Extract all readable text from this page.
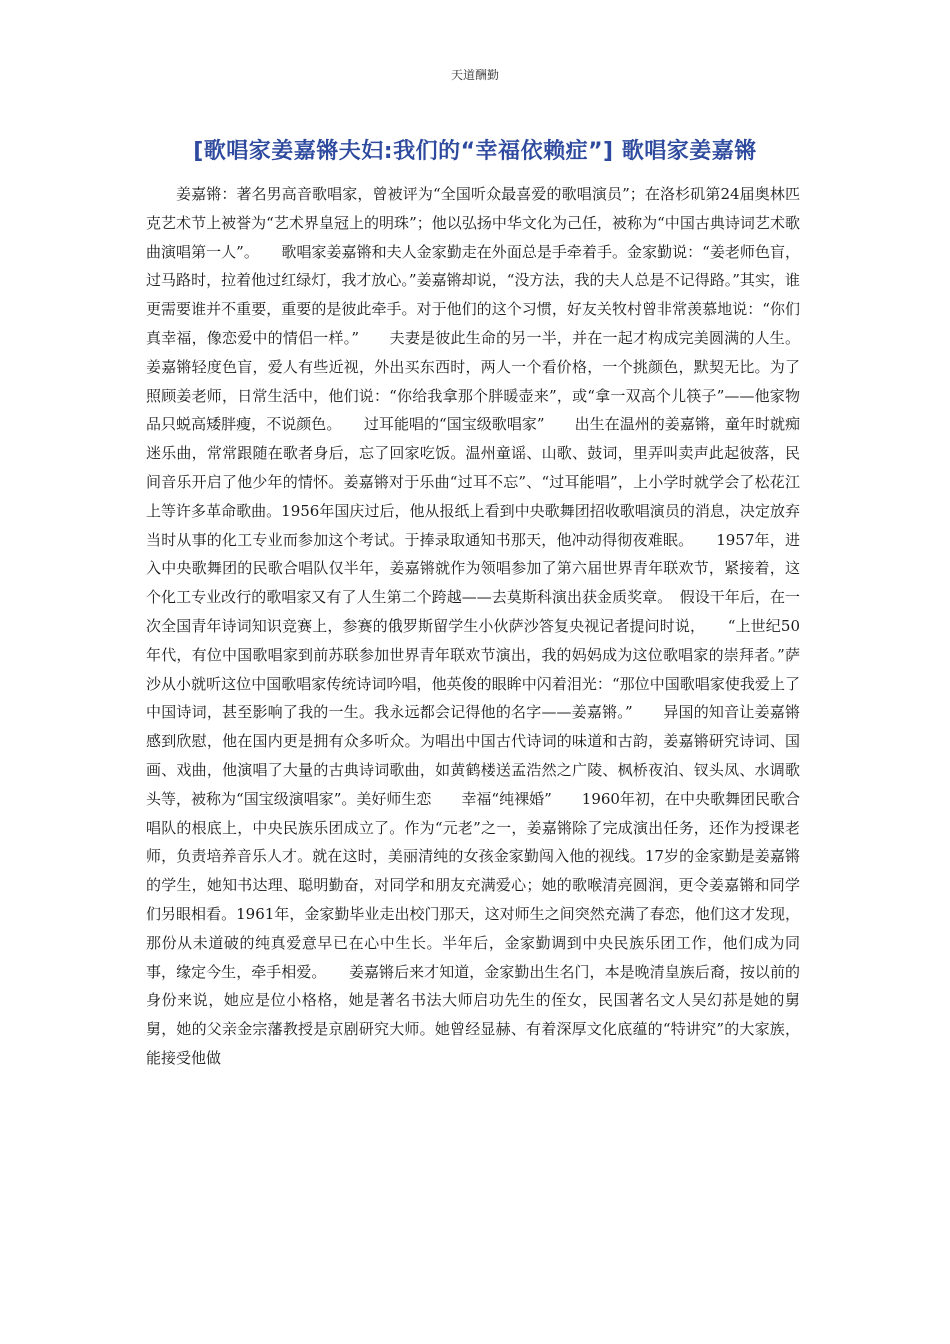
天道酬勤
[歌唱家姜嘉锵夫妇:我们的“幸福依赖症”] 歌唱家姜嘉锵

姜嘉锵：著名男高音歌唱家，曾被评为“全国听众最喜爱的歌唱演员”；在洛杉矶第24届奥林匹克艺术节上被誉为“艺术界皇冠上的明珠”；他以弘扬中华文化为己任，被称为“中国古典诗词艺术歌曲演唱第一人”。　　歌唱家姜嘉锵和夫人金家勤走在外面总是手牵着手。金家勤说：“姜老师色盲，过马路时，拉着他过红绿灯，我才放心。”姜嘉锵却说，“没方法，我的夫人总是不记得路。”其实，谁更需要谁并不重要，重要的是彼此牵手。对于他们的这个习惯，好友关牧村曾非常羡慕地说：“你们真幸福，像恋爱中的情侣一样。”　　夫妻是彼此生命的另一半，并在一起才构成完美圆满的人生。姜嘉锵轻度色盲，爱人有些近视，外出买东西时，两人一个看价格，一个挑颜色，默契无比。为了照顾姜老师，日常生活中，他们说：“你给我拿那个胖暖壶来”，或“拿一双高个儿筷子”——他家物品只蜕高矮胖瘦，不说颜色。　　过耳能唱的“国宝级歌唱家”　　出生在温州的姜嘉锵，童年时就痴迷乐曲，常常跟随在歌者身后，忘了回家吃饭。温州童谣、山歌、鼓词，里弄叫卖声此起彼落，民间音乐开启了他少年的情怀。姜嘉锵对于乐曲“过耳不忘”、“过耳能唱”，上小学时就学会了松花江上等许多革命歌曲。1956年国庆过后，他从报纸上看到中央歌舞团招收歌唱演员的消息，决定放弃当时从事的化工专业而参加这个考试。于捧录取通知书那天，他冲动得彻夜难眠。　　1957年，进入中央歌舞团的民歌合唱队仅半年，姜嘉锵就作为领唱参加了第六届世界青年联欢节，紧接着，这个化工专业改行的歌唱家又有了人生第二个跨越——去莫斯科演出获金质奖章。　假设干年后，在一次全国青年诗词知识竞赛上，参赛的俄罗斯留学生小伙萨沙答复央视记者提问时说，　　“上世纪50年代，有位中国歌唱家到前苏联参加世界青年联欢节演出，我的妈妈成为这位歌唱家的崇拜者。”萨沙从小就听这位中国歌唱家传统诗词吟唱，他英俊的眼眸中闪着泪光：“那位中国歌唱家使我爱上了中国诗词，甚至影响了我的一生。我永远都会记得他的名字——姜嘉锵。”　　异国的知音让姜嘉锵感到欣慰，他在国内更是拥有众多听众。为唱出中国古代诗词的味道和古韵，姜嘉锵研究诗词、国画、戏曲，他演唱了大量的古典诗词歌曲，如黄鹤楼送孟浩然之广陵、枫桥夜泊、钗头凤、水调歌头等，被称为“国宝级演唱家”。美好师生恋　　幸福“纯裸婚”　　1960年初，在中央歌舞团民歌合唱队的根底上，中央民族乐团成立了。作为“元老”之一，姜嘉锵除了完成演出任务，还作为授课老师，负责培养音乐人才。就在这时，美丽清纯的女孩金家勤闯入他的视线。17岁的金家勤是姜嘉锵的学生，她知书达理、聪明勤奋，对同学和朋友充满爱心；她的歌喉清亮圆润，更令姜嘉锵和同学们另眼相看。1961年，金家勤毕业走出校门那天，这对师生之间突然充满了春恋，他们这才发现，那份从未道破的纯真爱意早已在心中生长。半年后，金家勤调到中央民族乐团工作，他们成为同事，缘定今生，牵手相爱。　　姜嘉锵后来才知道，金家勤出生名门，本是晚清皇族后裔，按以前的身份来说，她应是位小格格，她是著名书法大师启功先生的侄女，民国著名文人吴幻荪是她的舅舅，她的父亲金宗藩教授是京剧研究大师。她曾经显赫、有着深厚文化底蕴的“特讲究”的大家族，能接受他做
